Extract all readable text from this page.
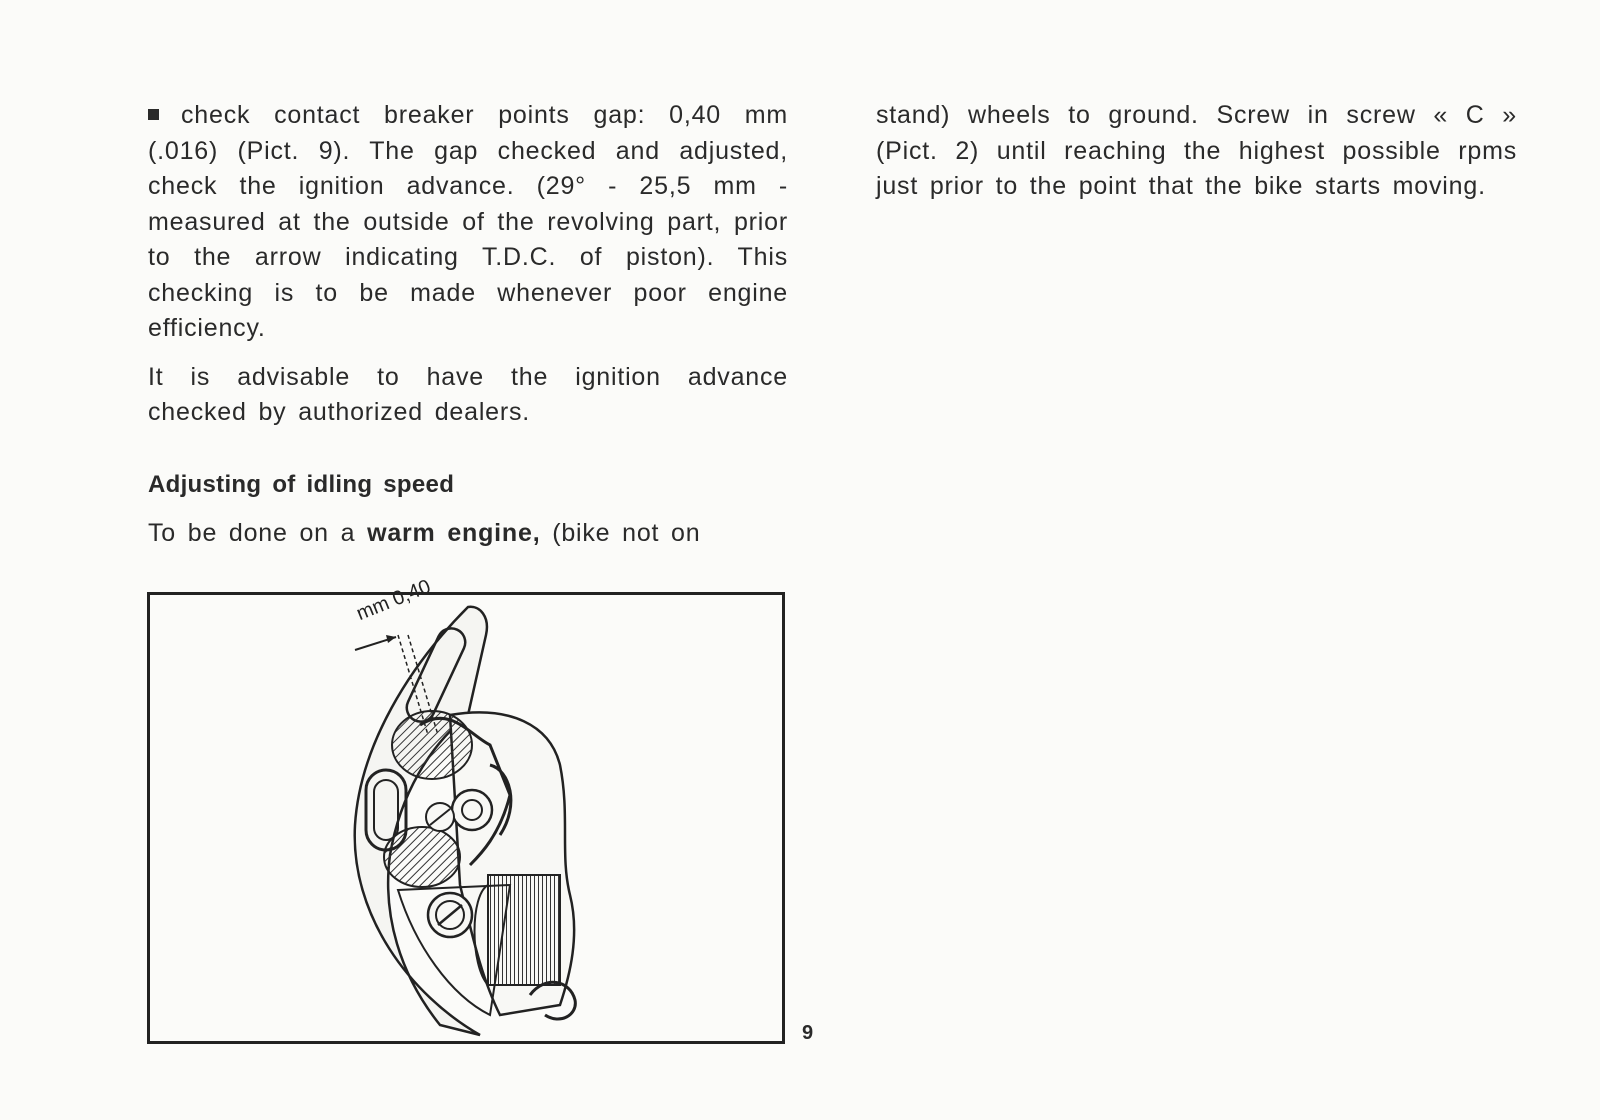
check contact breaker points gap: 0,40 mm (.016) (Pict. 9). The gap checked and adjusted, check the ignition advance. (29° - 25,5 mm - measured at the outside of the revolving part, prior to the arrow indicating T.D.C. of piston). This checking is to be made whenever poor engine efficiency.

It is advisable to have the ignition advance checked by authorized dealers.

Adjusting of idling speed

To be done on a warm engine, (bike not on

stand) wheels to ground. Screw in screw « C » (Pict. 2) until reaching the highest possible rpms just prior to the point that the bike starts moving.

mm 0,40
9
